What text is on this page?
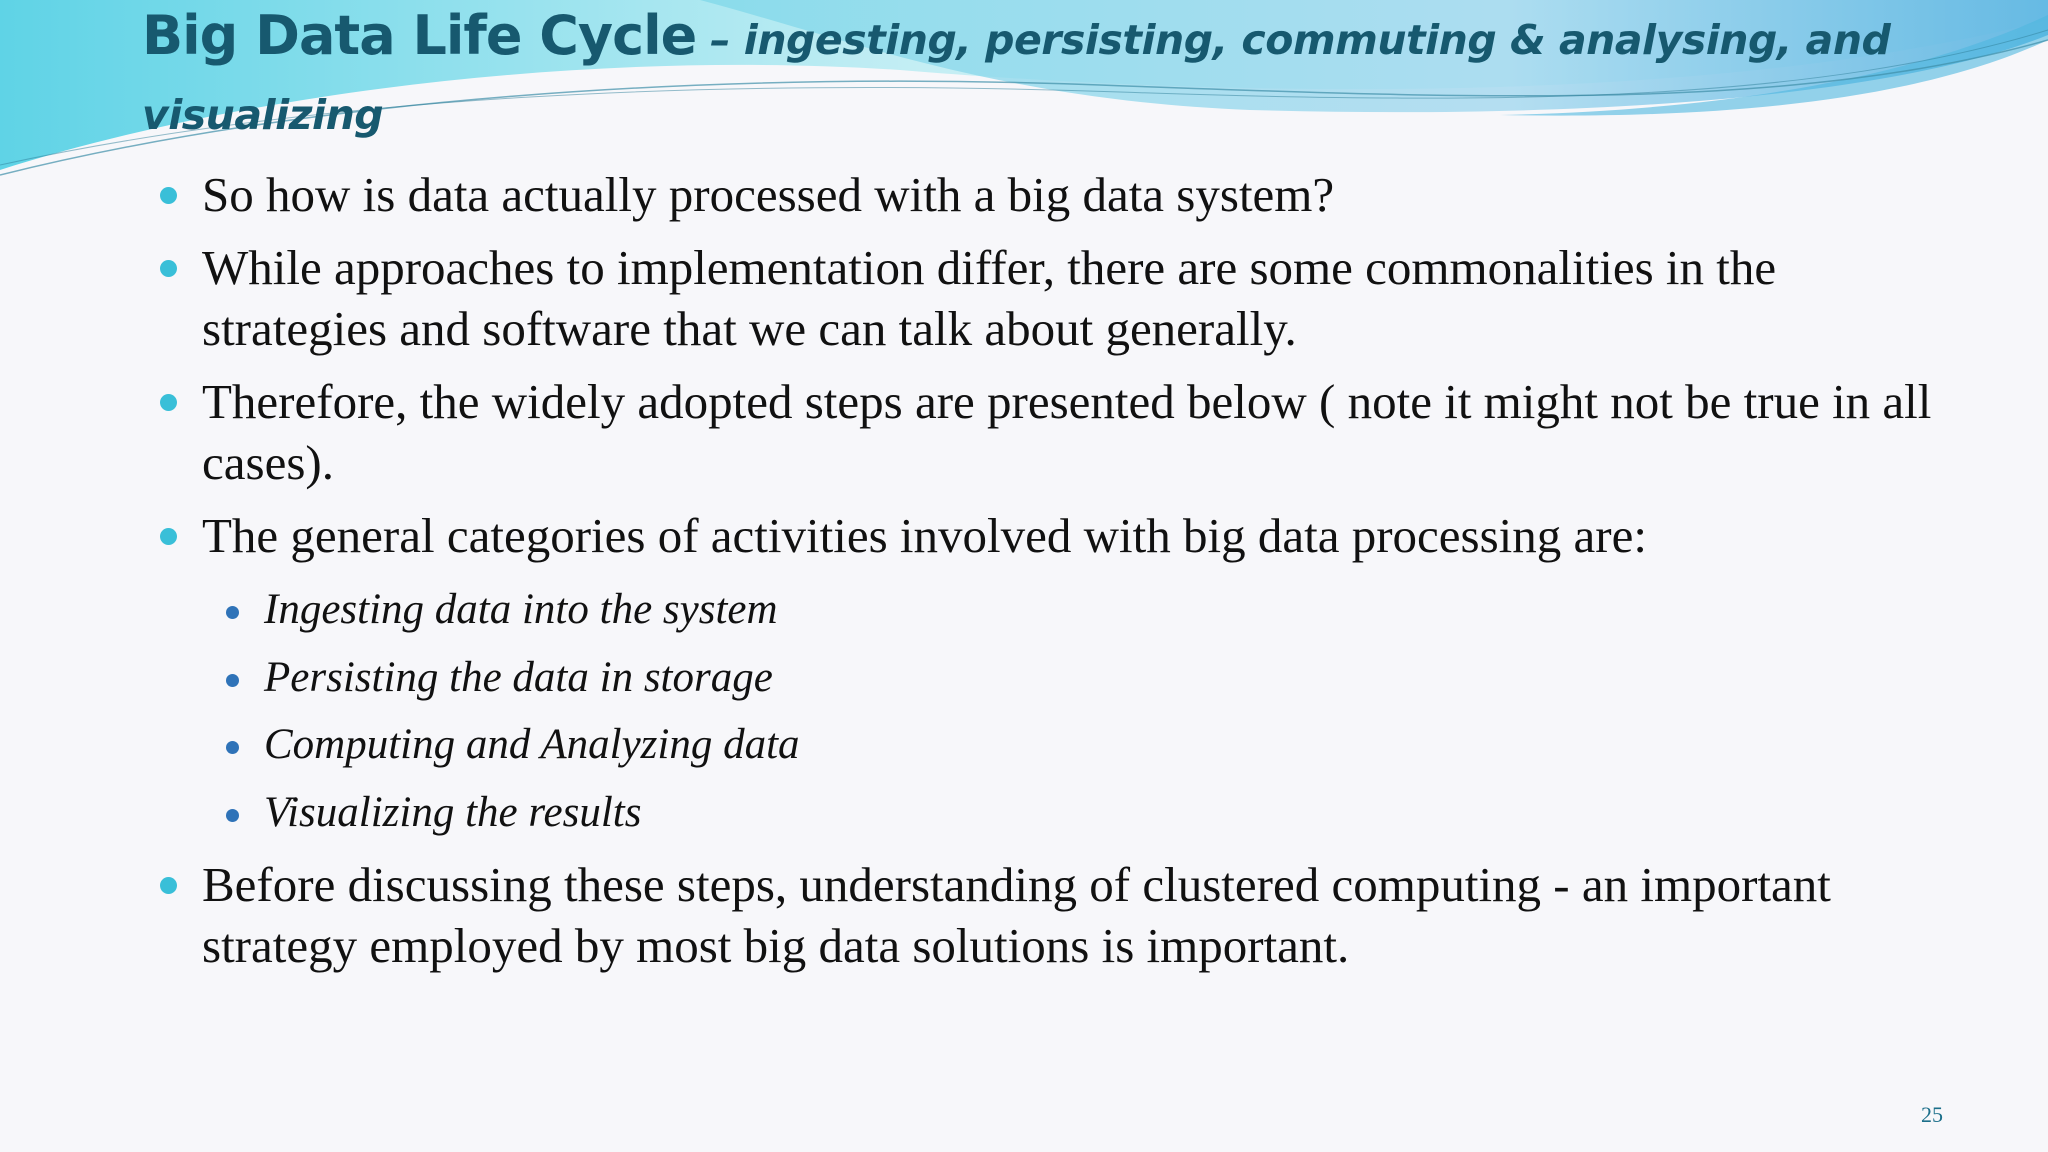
Big Data Life Cycle – ingesting, persisting, commuting & analysing, and visualizing
So how is data actually processed with a big data system?
While approaches to implementation differ, there are some commonalities in the strategies and software that we can talk about generally.
Therefore, the widely adopted steps are presented below ( note it might not be true in all cases).
The general categories of activities involved with big data processing are:
Ingesting data into the system
Persisting the data in storage
Computing and Analyzing data
Visualizing the results
Before discussing these steps, understanding of clustered computing - an important strategy employed by most big data solutions is important.
25
